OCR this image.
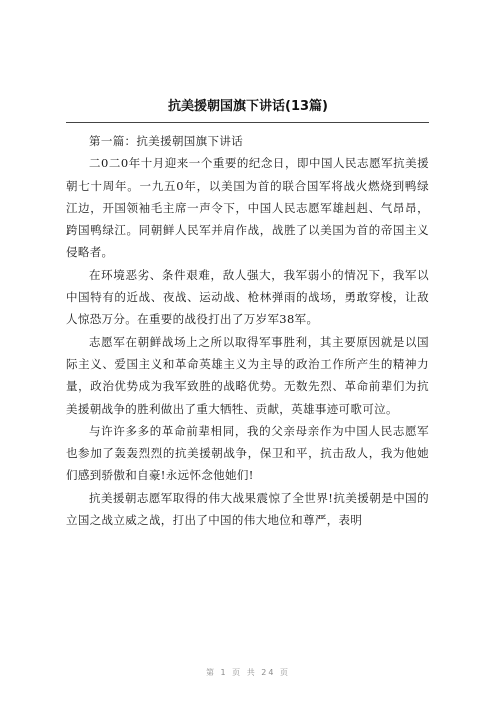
抗美援朝国旗下讲话(13篇)

第一篇：抗美援朝国旗下讲话

二0二0年十月迎来一个重要的纪念日，即中国人民志愿军抗美援朝七十周年。一九五0年，以美国为首的联合国军将战火燃烧到鸭绿江边，开国领袖毛主席一声令下，中国人民志愿军雄赳赳、气昂昂，跨国鸭绿江。同朝鲜人民军并肩作战，战胜了以美国为首的帝国主义侵略者。

在环境恶劣、条件艰难，敌人强大，我军弱小的情况下，我军以中国特有的近战、夜战、运动战、枪林弹雨的战场，勇敢穿梭，让敌人惊恐万分。在重要的战役打出了万岁军38军。

志愿军在朝鲜战场上之所以取得军事胜利，其主要原因就是以国际主义、爱国主义和革命英雄主义为主导的政治工作所产生的精神力量，政治优势成为我军致胜的战略优势。无数先烈、革命前辈们为抗美援朝战争的胜利做出了重大牺牲、贡献，英雄事迹可歌可泣。

与许许多多的革命前辈相同，我的父亲母亲作为中国人民志愿军也参加了轰轰烈烈的抗美援朝战争，保卫和平，抗击敌人，我为他她们感到骄傲和自豪!永远怀念他她们!

抗美援朝志愿军取得的伟大战果震惊了全世界!抗美援朝是中国的立国之战立威之战，打出了中国的伟大地位和尊严，表明

第 1 页 共 24 页
